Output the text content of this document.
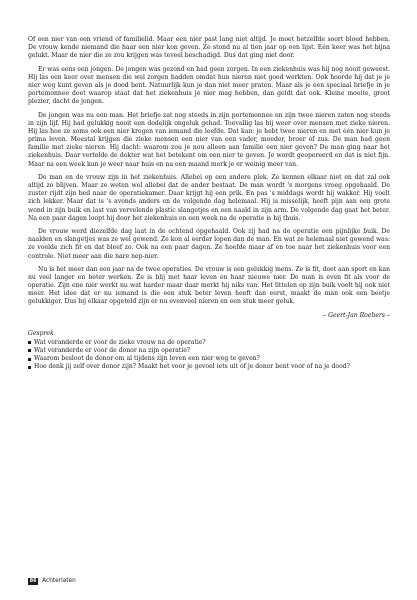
Of een nier van een vriend of familielid. Maar een nier past lang niet altijd. Je moet hetzelfde soort bloed hebben. De vrouw kende niemand die haar een nier kon geven. Ze stond nu al tien jaar op een lijst. Eén keer was het bijna gelukt. Maar de nier die ze zou krijgen was teveel beschadigd. Dus dat ging niet door.

Er was eens een jongen. De jongen was gezond en had geen zorgen. In een ziekenhuis was hij nog nooit geweest. Hij las een keer over mensen die wel zorgen hadden omdat hun nieren niet goed werkten. Ook hoorde hij dat je je nier weg kunt geven als je dood bent. Natuurlijk kun je dan niet meer praten. Maar als je een speciaal briefje in je portemonnee doet waarop staat dat het ziekenhuis je nier mag hebben, dan geldt dat ook. Kleine moeite, groot plezier, dacht de jongen.

De jongen was nu een man. Het briefje zat nog steeds in zijn portemonnee en zijn twee nieren zaten nog steeds in zijn lijf. Hij had gelukkig nooit een dodelijk ongeluk gehad. Toevallig las hij weer over mensen met zieke nieren. Hij las hoe ze soms ook een nier kregen van iemand die leefde. Dat kan: je hebt twee nieren en met één nier kun je prima leven. Meestal krijgen die zieke mensen een nier van een vader, moeder, broer of zus. De man had geen familie met zieke nieren. Hij dacht: waarom zou je nou alleen aan familie een nier geven? De man ging naar het ziekenhuis. Daar vertelde de dokter wat het betekent om een nier te geven. Je wordt geopereerd en dat is niet fijn. Maar na een week kun je weer naar huis en na een maand merk je er weinig meer van.

De man en de vrouw zijn in het ziekenhuis. Allebei op een andere plek. Ze kennen elkaar niet en dat zal ook altijd zo blijven. Maar ze weten wel allebei dat de ander bestaat. De man wordt 's morgens vroeg opgehaald. De zuster rijdt zijn bed naar de operatiekamer. Daar krijgt hij een prik. En pas 's middags wordt hij wakker. Hij voelt zich lekker. Maar dat is 's avonds anders en de volgende dag helemaal. Hij is misselijk, heeft pijn aan een grote wond in zijn buik en last van vervelende plastic slangetjes en een naald in zijn arm. De volgende dag gaat het beter. Na een paar dagen loopt hij door het ziekenhuis en een week na de operatie is hij thuis.

De vrouw werd diezelfde dag laat in de ochtend opgehaald. Ook zij had na de operatie een pijnlijke buik. De naalden en slangetjes was ze wel gewend. Ze kon al eerder lopen dan de man. En wat ze helemaal niet gewend was: ze voelde zich fit en dat bleef zo. Ook na een paar dagen. Ze hoefde maar af en toe naar het ziekenhuis voor een controle. Niet meer aan die nare nep-nier.

Nu is het meer dan een jaar na de twee operaties. De vrouw is een gelukkig mens. Ze is fit, doet aan sport en kan nu veel langer en beter werken. Ze is blij met haar leven en haar nieuwe nier. De man is even fit als voor de operatie. Zijn ene nier werkt nu wat harder maar daar merkt hij niks van. Het littelen op zijn buik voelt hij ook niet meer. Het idee dat er nu iemand is die een stuk beter leven heeft dan eerst, maakt de man ook een beetje gelukkiger. Dus bij elkaar opgeteld zijn er nu evenveel nieren en een stuk meer geluk.

– Geert-Jan Roebers –
Gesprek
Wat veranderde er voor de zieke vrouw na de operatie?
Wat veranderde er voor de donor na zijn operatie?
Waarom besloot de donor om al tijdens zijn leven een nier weg te geven?
Hoe denk jij zelf over donor zijn? Maakt het voor je gevoel iets uit of je donor bent voor of na je dood?
86 Achterlaten
